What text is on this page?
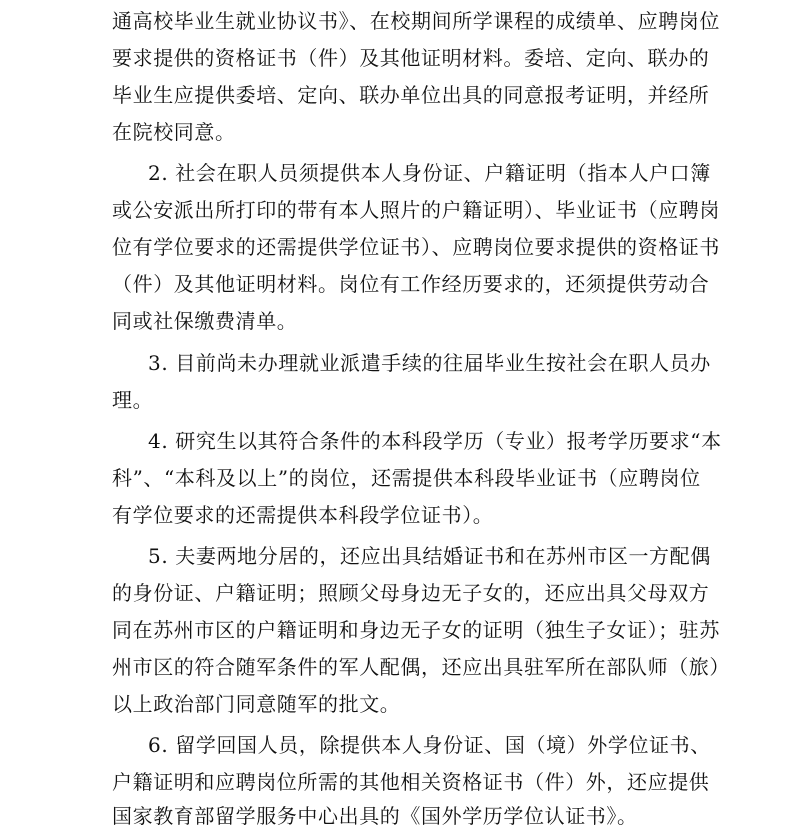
通高校毕业生就业协议书》、在校期间所学课程的成绩单、应聘岗位
要求提供的资格证书（件）及其他证明材料。委培、定向、联办的
毕业生应提供委培、定向、联办单位出具的同意报考证明，并经所
在院校同意。
2. 社会在职人员须提供本人身份证、户籍证明（指本人户口簿
或公安派出所打印的带有本人照片的户籍证明）、毕业证书（应聘岗
位有学位要求的还需提供学位证书）、应聘岗位要求提供的资格证书
（件）及其他证明材料。岗位有工作经历要求的，还须提供劳动合
同或社保缴费清单。
3. 目前尚未办理就业派遣手续的往届毕业生按社会在职人员办
理。
4. 研究生以其符合条件的本科段学历（专业）报考学历要求“本
科”、“本科及以上”的岗位，还需提供本科段毕业证书（应聘岗位
有学位要求的还需提供本科段学位证书）。
5. 夫妻两地分居的，还应出具结婚证书和在苏州市区一方配偶
的身份证、户籍证明；照顾父母身边无子女的，还应出具父母双方
同在苏州市区的户籍证明和身边无子女的证明（独生子女证）；驻苏
州市区的符合随军条件的军人配偶，还应出具驻军所在部队师（旅）
以上政治部门同意随军的批文。
6. 留学回国人员，除提供本人身份证、国（境）外学位证书、
户籍证明和应聘岗位所需的其他相关资格证书（件）外，还应提供
国家教育部留学服务中心出具的《国外学历学位认证书》。
